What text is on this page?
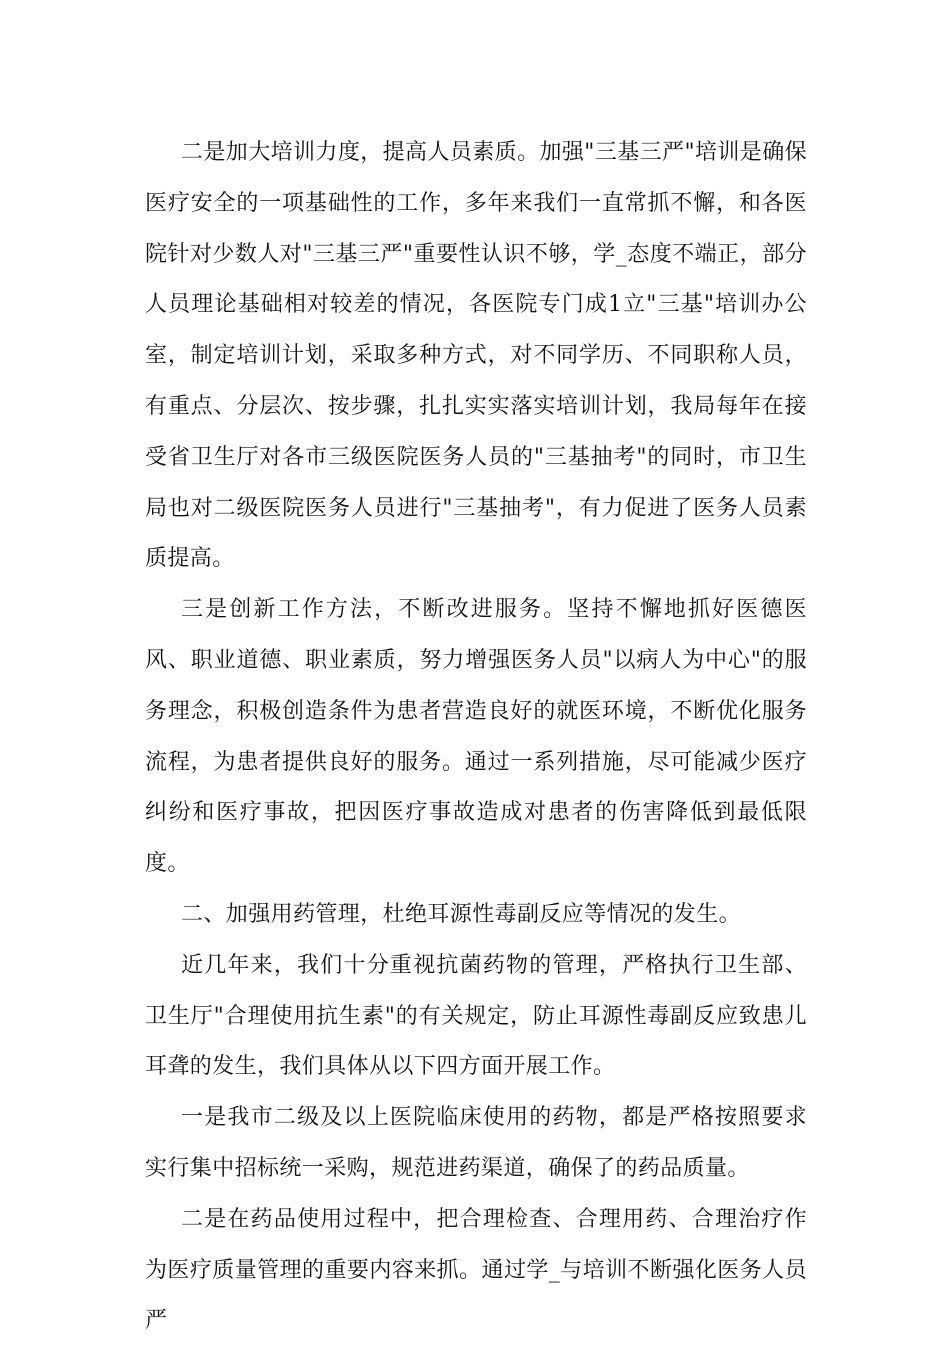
二是加大培训力度，提高人员素质。加强"三基三严"培训是确保医疗安全的一项基础性的工作，多年来我们一直常抓不懈，和各医院针对少数人对"三基三严"重要性认识不够，学_态度不端正，部分人员理论基础相对较差的情况，各医院专门成1立"三基"培训办公室，制定培训计划，采取多种方式，对不同学历、不同职称人员，有重点、分层次、按步骤，扎扎实实落实培训计划，我局每年在接受省卫生厅对各市三级医院医务人员的"三基抽考"的同时，市卫生局也对二级医院医务人员进行"三基抽考"，有力促进了医务人员素质提高。

三是创新工作方法，不断改进服务。坚持不懈地抓好医德医风、职业道德、职业素质，努力增强医务人员"以病人为中心"的服务理念，积极创造条件为患者营造良好的就医环境，不断优化服务流程，为患者提供良好的服务。通过一系列措施，尽可能减少医疗纠纷和医疗事故，把因医疗事故造成对患者的伤害降低到最低限度。

二、加强用药管理，杜绝耳源性毒副反应等情况的发生。

近几年来，我们十分重视抗菌药物的管理，严格执行卫生部、卫生厅"合理使用抗生素"的有关规定，防止耳源性毒副反应致患儿耳聋的发生，我们具体从以下四方面开展工作。

一是我市二级及以上医院临床使用的药物，都是严格按照要求实行集中招标统一采购，规范进药渠道，确保了的药品质量。

二是在药品使用过程中，把合理检查、合理用药、合理治疗作为医疗质量管理的重要内容来抓。通过学_与培训不断强化医务人员严
